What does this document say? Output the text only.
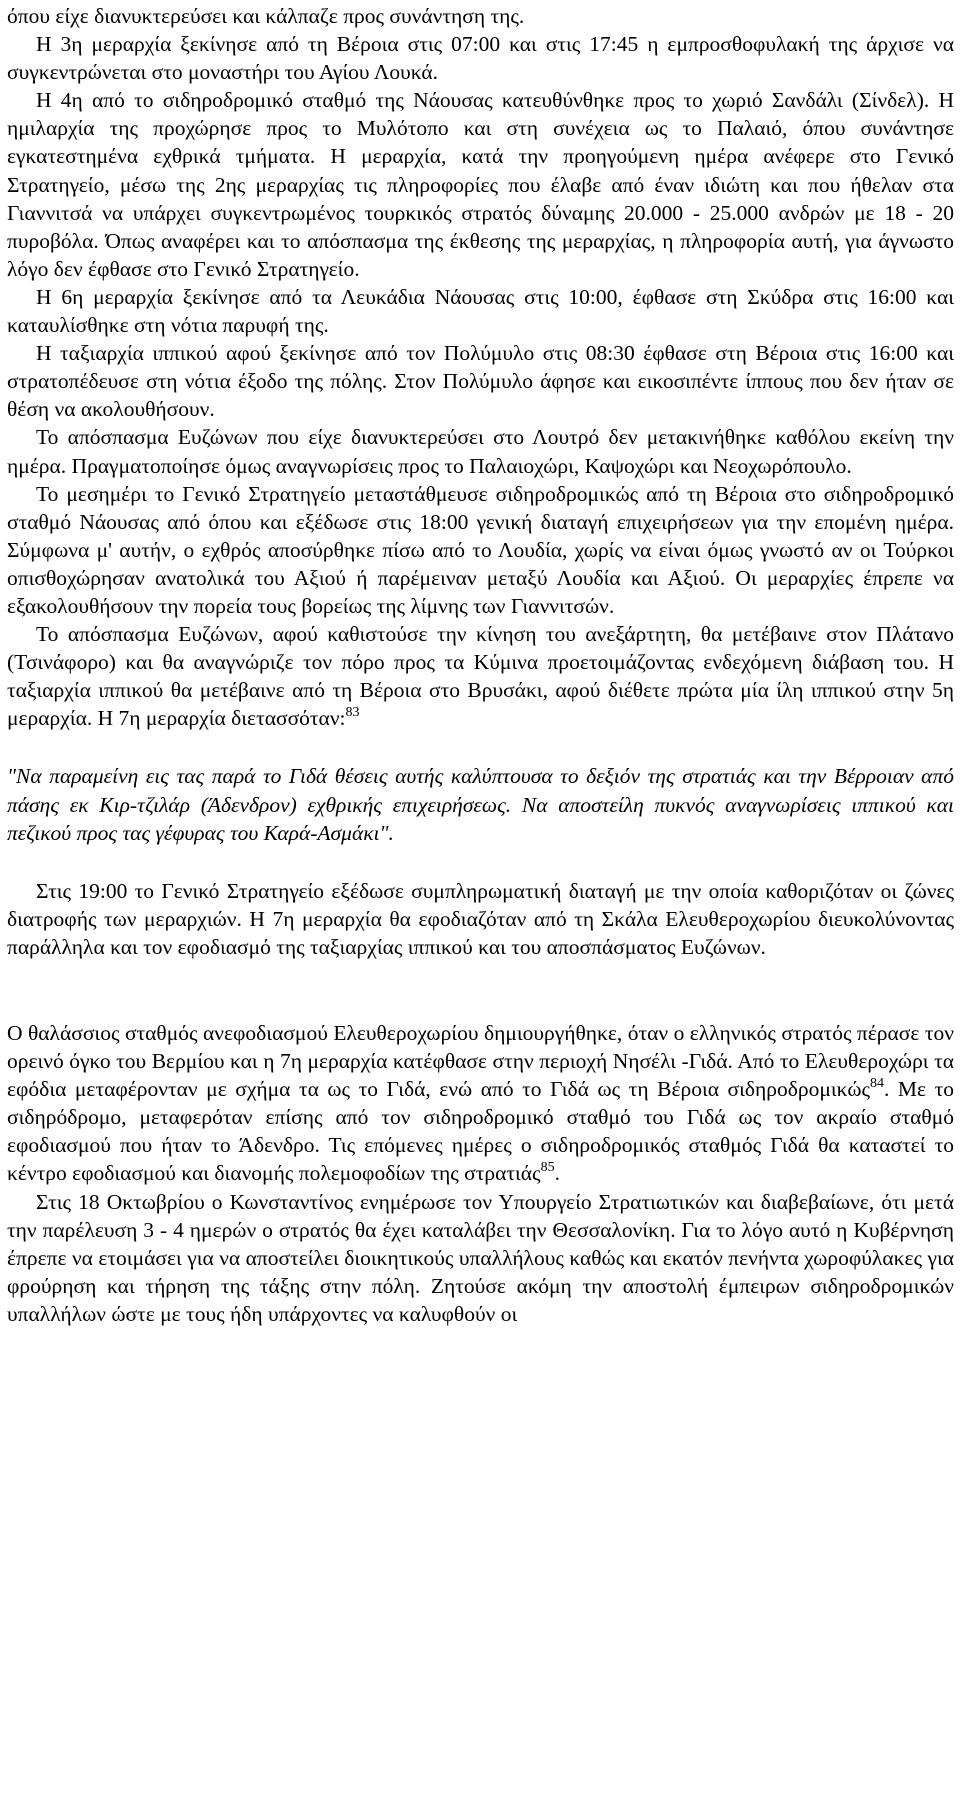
όπου είχε διανυκτερεύσει και κάλπαζε προς συνάντηση της.

Η 3η μεραρχία ξεκίνησε από τη Βέροια στις 07:00 και στις 17:45 η εμπροσθοφυλακή της άρχισε να συγκεντρώνεται στο μοναστήρι του Αγίου Λουκά.

Η 4η από το σιδηροδρομικό σταθμό της Νάουσας κατευθύνθηκε προς το χωριό Σανδάλι (Σίνδελ). Η ημιλαρχία της προχώρησε προς το Μυλότοπο και στη συνέχεια ως το Παλαιό, όπου συνάντησε εγκατεστημένα εχθρικά τμήματα. Η μεραρχία, κατά την προηγούμενη ημέρα ανέφερε στο Γενικό Στρατηγείο, μέσω της 2ης μεραρχίας τις πληροφορίες που έλαβε από έναν ιδιώτη και που ήθελαν στα Γιαννιτσά να υπάρχει συγκεντρωμένος τουρκικός στρατός δύναμης 20.000 - 25.000 ανδρών με 18 - 20 πυροβόλα. Όπως αναφέρει και το απόσπασμα της έκθεσης της μεραρχίας, η πληροφορία αυτή, για άγνωστο λόγο δεν έφθασε στο Γενικό Στρατηγείο.

Η 6η μεραρχία ξεκίνησε από τα Λευκάδια Νάουσας στις 10:00, έφθασε στη Σκύδρα στις 16:00 και καταυλίσθηκε στη νότια παρυφή της.

Η ταξιαρχία ιππικού αφού ξεκίνησε από τον Πολύμυλο στις 08:30 έφθασε στη Βέροια στις 16:00 και στρατοπέδευσε στη νότια έξοδο της πόλης. Στον Πολύμυλο άφησε και εικοσιπέντε ίππους που δεν ήταν σε θέση να ακολουθήσουν.

Το απόσπασμα Ευζώνων που είχε διανυκτερεύσει στο Λουτρό δεν μετακινήθηκε καθόλου εκείνη την ημέρα. Πραγματοποίησε όμως αναγνωρίσεις προς το Παλαιοχώρι, Καψοχώρι και Νεοχωρόπουλο.

Το μεσημέρι το Γενικό Στρατηγείο μεταστάθμευσε σιδηροδρομικώς από τη Βέροια στο σιδηροδρομικό σταθμό Νάουσας από όπου και εξέδωσε στις 18:00 γενική διαταγή επιχειρήσεων για την επομένη ημέρα. Σύμφωνα μ' αυτήν, ο εχθρός αποσύρθηκε πίσω από το Λουδία, χωρίς να είναι όμως γνωστό αν οι Τούρκοι οπισθοχώρησαν ανατολικά του Αξιού ή παρέμειναν μεταξύ Λουδία και Αξιού. Οι μεραρχίες έπρεπε να εξακολουθήσουν την πορεία τους βορείως της λίμνης των Γιαννιτσών.

Το απόσπασμα Ευζώνων, αφού καθιστούσε την κίνηση του ανεξάρτητη, θα μετέβαινε στον Πλάτανο (Τσινάφορο) και θα αναγνώριζε τον πόρο προς τα Κύμινα προετοιμάζοντας ενδεχόμενη διάβαση του. Η ταξιαρχία ιππικού θα μετέβαινε από τη Βέροια στο Βρυσάκι, αφού διέθετε πρώτα μία ίλη ιππικού στην 5η μεραρχία. Η 7η μεραρχία διετασσόταν:$^{83}$

"Να παραμείνη εις τας παρά το Γιδά θέσεις αυτής καλύπτουσα το δεξιόν της στρατιάς και την Βέρροιαν από πάσης εκ Κιρ-τζιλάρ (Άδενδρον) εχθρικής επιχειρήσεως. Να αποστείλη πυκνός αναγνωρίσεις ιππικού και πεζικού προς τας γέφυρας του Καρά-Ασμάκι".

Στις 19:00 το Γενικό Στρατηγείο εξέδωσε συμπληρωματική διαταγή με την οποία καθοριζόταν οι ζώνες διατροφής των μεραρχιών. Η 7η μεραρχία θα εφοδιαζόταν από τη Σκάλα Ελευθεροχωρίου διευκολύνοντας παράλληλα και τον εφοδιασμό της ταξιαρχίας ιππικού και του αποσπάσματος Ευζώνων.

Ο θαλάσσιος σταθμός ανεφοδιασμού Ελευθεροχωρίου δημιουργήθηκε, όταν ο ελληνικός στρατός πέρασε τον ορεινό όγκο του Βερμίου και η 7η μεραρχία κατέφθασε στην περιοχή Νησέλι -Γιδά. Από το Ελευθεροχώρι τα εφόδια μεταφέρονταν με σχήμα τα ως το Γιδά, ενώ από το Γιδά ως τη Βέροια σιδηροδρομικώς$^{84}$. Με το σιδηρόδρομο, μεταφερόταν επίσης από τον σιδηροδρομικό σταθμό του Γιδά ως τον ακραίο σταθμό εφοδιασμού που ήταν το Άδενδρο. Τις επόμενες ημέρες ο σιδηροδρομικός σταθμός Γιδά θα καταστεί το κέντρο εφοδιασμού και διανομής πολεμοφοδίων της στρατιάς$^{85}$.

Στις 18 Οκτωβρίου ο Κωνσταντίνος ενημέρωσε τον Υπουργείο Στρατιωτικών και διαβεβαίωνε, ότι μετά την παρέλευση 3 - 4 ημερών ο στρατός θα έχει καταλάβει την Θεσσαλονίκη. Για το λόγο αυτό η Κυβέρνηση έπρεπε να ετοιμάσει για να αποστείλει διοικητικούς υπαλλήλους καθώς και εκατόν πενήντα χωροφύλακες για φρούρηση και τήρηση της τάξης στην πόλη. Ζητούσε ακόμη την αποστολή έμπειρων σιδηροδρομικών υπαλλήλων ώστε με τους ήδη υπάρχοντες να καλυφθούν οι
